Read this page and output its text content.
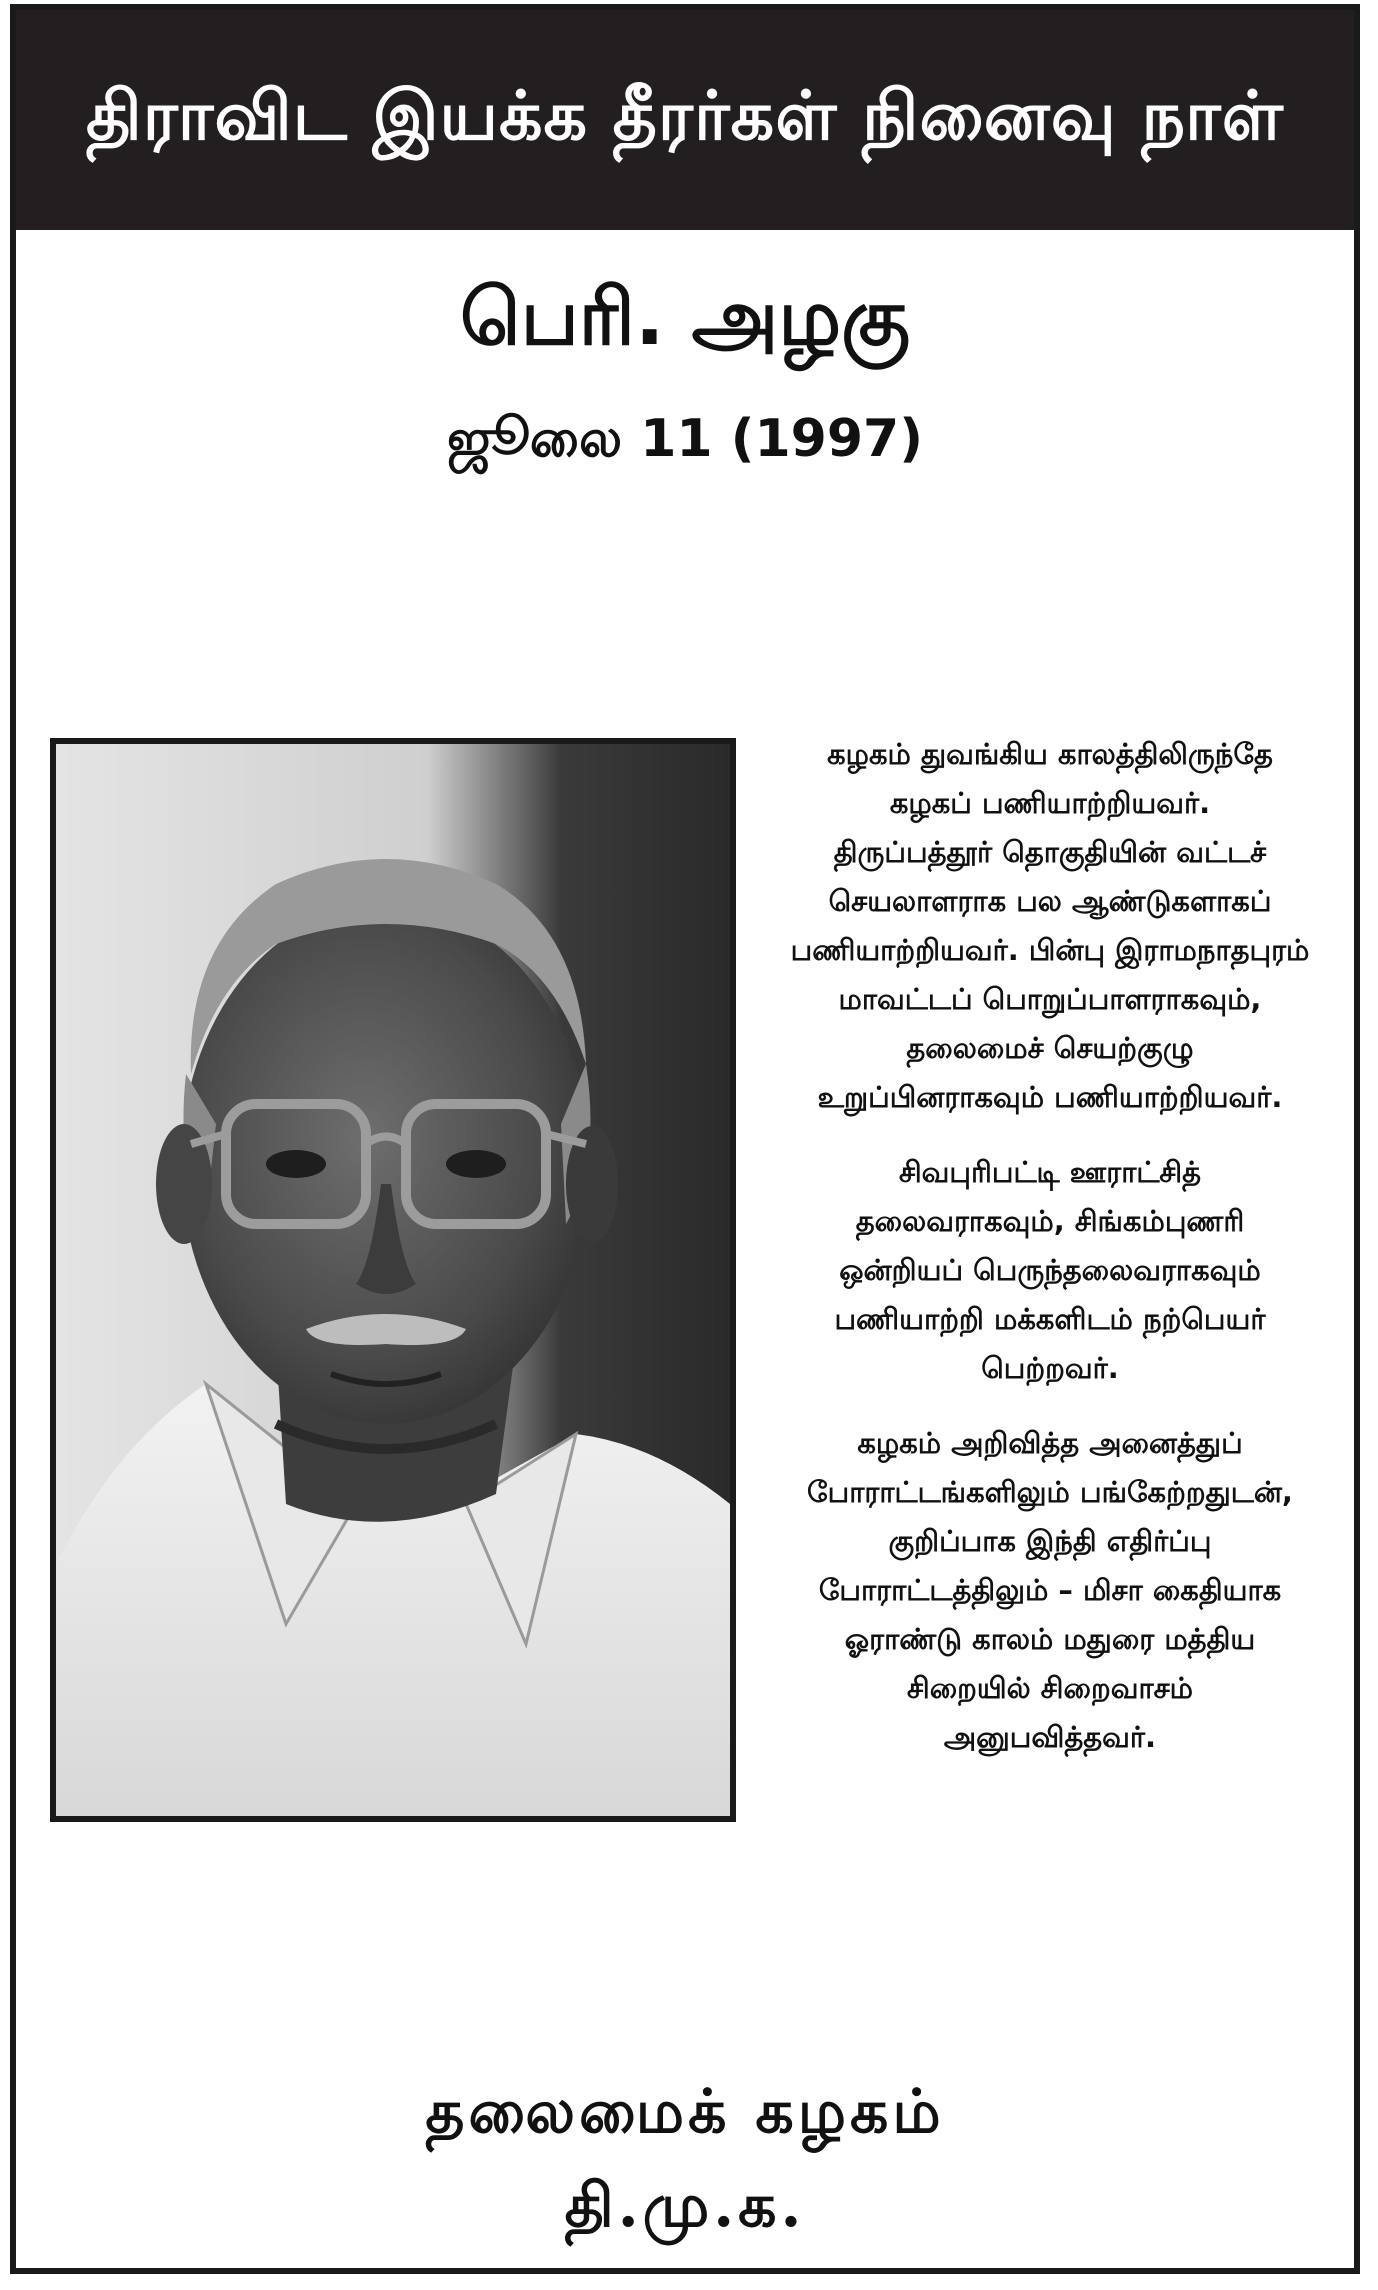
திராவிட இயக்க தீரர்கள் நினைவு நாள்
பெரி. அழகு
ஜூலை 11 (1997)

கழகம் துவங்கிய காலத்திலிருந்தே
கழகப் பணியாற்றியவர்.
திருப்பத்தூர் தொகுதியின் வட்டச்
செயலாளராக பல ஆண்டுகளாகப்
பணியாற்றியவர். பின்பு இராமநாதபுரம்
மாவட்டப் பொறுப்பாளராகவும்,
தலைமைச் செயற்குழு
உறுப்பினராகவும் பணியாற்றியவர்.

சிவபுரிபட்டி ஊராட்சித்
தலைவராகவும், சிங்கம்புணரி
ஒன்றியப் பெருந்தலைவராகவும்
பணியாற்றி மக்களிடம் நற்பெயர்
பெற்றவர்.

கழகம் அறிவித்த அனைத்துப்
போராட்டங்களிலும் பங்கேற்றதுடன்,
குறிப்பாக இந்தி எதிர்ப்பு
போராட்டத்திலும் – மிசா கைதியாக
ஓராண்டு காலம் மதுரை மத்திய
சிறையில் சிறைவாசம்
அனுபவித்தவர்.

தலைமைக் கழகம்
தி.மு.க.
